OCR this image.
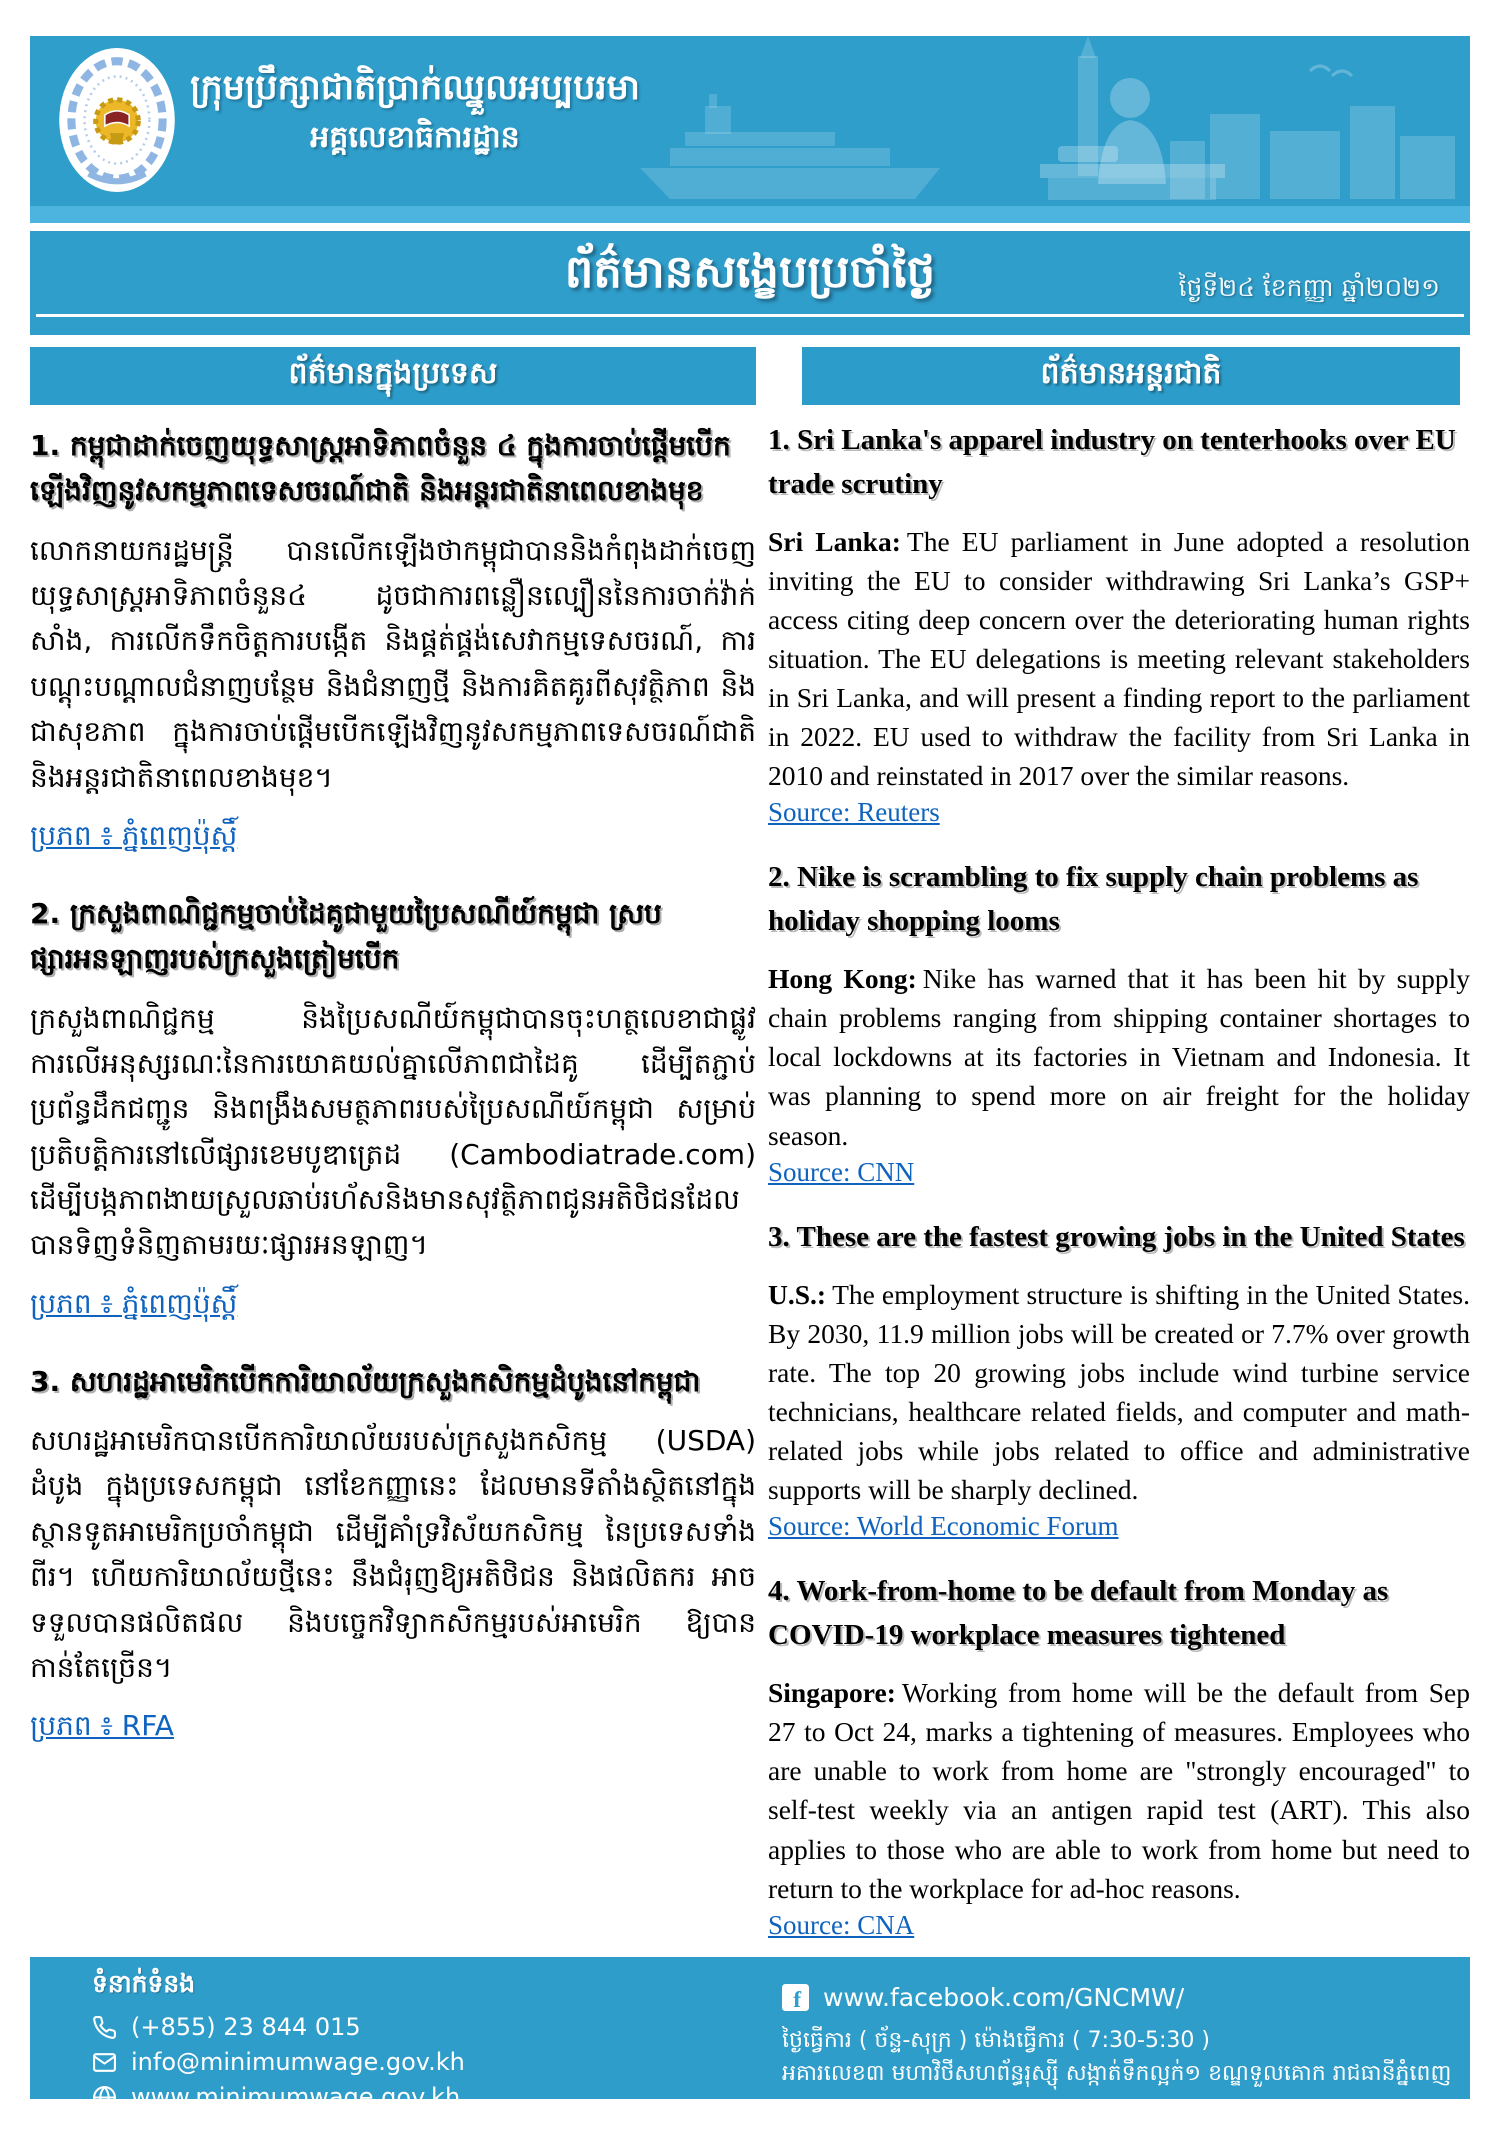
ក្រុមប្រឹក្សាជាតិប្រាក់ឈ្នួលអប្បបរមា
អគ្គលេខាធិការដ្ឋាន
ព័ត៌មានសង្ខេបប្រចាំថ្ងៃ	ថ្ងៃទី២៤ ខែកញ្ញា ឆ្នាំ២០២១
ព័ត៌មានក្នុងប្រទេស
1. កម្ពុជាដាក់ចេញយុទ្ធសាស្ត្រអាទិភាពចំនួន ៤ ក្នុងការចាប់ផ្ដើមបើកឡើងវិញនូវសកម្មភាពទេសចរណ៍ជាតិ និងអន្តរជាតិនាពេលខាងមុខ
លោកនាយករដ្ឋមន្ត្រី បានលើកឡើងថាកម្ពុជាបាននិងកំពុងដាក់ចេញយុទ្ធសាស្ត្រអាទិភាពចំនួន៤ ដូចជាការពន្លឿនល្បឿននៃការចាក់វ៉ាក់សាំង, ការលើកទឹកចិត្តការបង្កើត និងផ្គត់ផ្គង់សេវាកម្មទេសចរណ៍, ការបណ្ដុះបណ្ដាលជំនាញបន្ថែម និងជំនាញថ្មី និងការគិតគូរពីសុវត្ថិភាព និងជាសុខភាព ក្នុងការចាប់ផ្ដើមបើកឡើងវិញនូវសកម្មភាពទេសចរណ៍ជាតិ និងអន្តរជាតិនាពេលខាងមុខ។
ប្រភព ៖ ភ្នំពេញប៉ុស្ដិ៍
2. ក្រសួងពាណិជ្ជកម្មចាប់ដៃគូជាមួយប្រៃសណីយ៍កម្ពុជា ស្របផ្សារអនឡាញរបស់ក្រសួងត្រៀមបើក
ក្រសួងពាណិជ្ជកម្ម និងប្រៃសណីយ៍កម្ពុជាបានចុះហត្ថលេខាជាផ្លូវការលើអនុស្សរណៈនៃការយោគយល់គ្នាលើភាពជាដៃគូ ដើម្បីតភ្ជាប់ប្រព័ន្ធដឹកជញ្ជូន និងពង្រឹងសមត្ថភាពរបស់ប្រៃសណីយ៍កម្ពុជា សម្រាប់ប្រតិបត្តិការនៅលើផ្សារខេមបូឌាត្រេដ (Cambodiatrade.com) ដើម្បីបង្កភាពងាយស្រួលឆាប់រហ័សនិងមានសុវត្ថិភាពជូនអតិថិជនដែលបានទិញទំនិញតាមរយៈផ្សារអនឡាញ។
ប្រភព ៖ ភ្នំពេញប៉ុស្ដិ៍
3. សហរដ្ឋអាមេរិកបើកការិយាល័យក្រសួងកសិកម្មដំបូងនៅកម្ពុជា
សហរដ្ឋអាមេរិកបានបើកការិយាល័យរបស់ក្រសួងកសិកម្ម (USDA) ដំបូង ក្នុងប្រទេសកម្ពុជា នៅខែកញ្ញានេះ ដែលមានទីតាំងស្ថិតនៅក្នុងស្ថានទូតអាមេរិកប្រចាំកម្ពុជា ដើម្បីគាំទ្រវិស័យកសិកម្ម នៃប្រទេសទាំងពីរ។ ហើយការិយាល័យថ្មីនេះ នឹងជំរុញឱ្យអតិថិជន និងផលិតករ អាចទទួលបានផលិតផល និងបច្ចេកវិទ្យាកសិកម្មរបស់អាមេរិក ឱ្យបានកាន់តែច្រើន។
ប្រភព ៖ RFA
ព័ត៌មានអន្តរជាតិ
1. Sri Lanka's apparel industry on tenterhooks over EU trade scrutiny

Sri Lanka: The EU parliament in June adopted a resolution inviting the EU to consider withdrawing Sri Lanka’s GSP+ access citing deep concern over the deteriorating human rights situation. The EU delegations is meeting relevant stakeholders in Sri Lanka, and will present a finding report to the parliament in 2022. EU used to withdraw the facility from Sri Lanka in 2010 and reinstated in 2017 over the similar reasons.

Source: Reuters
2. Nike is scrambling to fix supply chain problems as holiday shopping looms

Hong Kong: Nike has warned that it has been hit by supply chain problems ranging from shipping container shortages to local lockdowns at its factories in Vietnam and Indonesia. It was planning to spend more on air freight for the holiday season.

Source: CNN
3. These are the fastest growing jobs in the United States

U.S.: The employment structure is shifting in the United States. By 2030, 11.9 million jobs will be created or 7.7% over growth rate. The top 20 growing jobs include wind turbine service technicians, healthcare related fields, and computer and math-related jobs while jobs related to office and administrative supports will be sharply declined.

Source: World Economic Forum
4. Work-from-home to be default from Monday as COVID-19 workplace measures tightened

Singapore: Working from home will be the default from Sep 27 to Oct 24, marks a tightening of measures. Employees who are unable to work from home are "strongly encouraged" to self-test weekly via an antigen rapid test (ART). This also applies to those who are able to work from home but need to return to the workplace for ad-hoc reasons.

Source: CNA
ទំនាក់ទំនង
(+855) 23 844 015
info@minimumwage.gov.kh
www.minimumwage.gov.kh
f www.facebook.com/GNCMW/
ថ្ងៃធ្វើការ ( ច័ន្ទ-សុក្រ ) ម៉ោងធ្វើការ ( 7:30-5:30 )
អគារលេខ៣ មហាវិថីសហព័ន្ធរុស្ស៊ី សង្កាត់ទឹកល្អក់១ ខណ្ឌទួលគោក រាជធានីភ្នំពេញ
